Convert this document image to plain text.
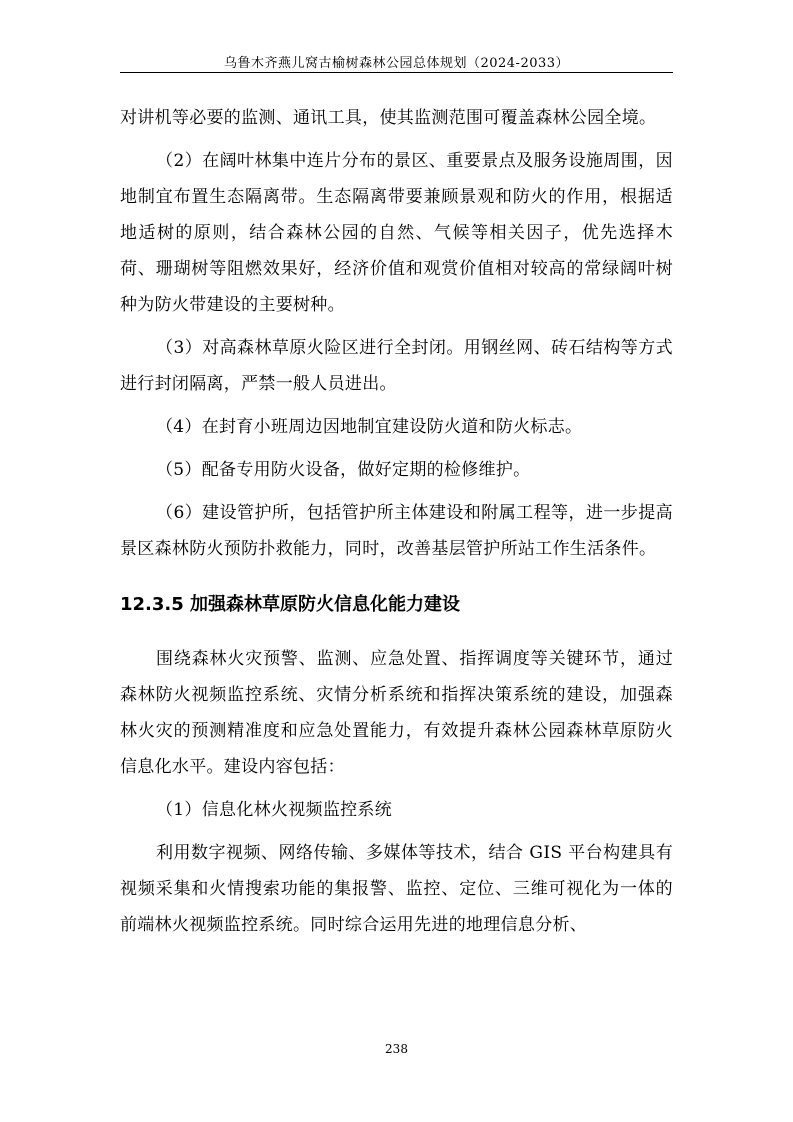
乌鲁木齐燕儿窝古榆树森林公园总体规划（2024-2033）

对讲机等必要的监测、通讯工具，使其监测范围可覆盖森林公园全境。

（2）在阔叶林集中连片分布的景区、重要景点及服务设施周围，因地制宜布置生态隔离带。生态隔离带要兼顾景观和防火的作用，根据适地适树的原则，结合森林公园的自然、气候等相关因子，优先选择木荷、珊瑚树等阻燃效果好，经济价值和观赏价值相对较高的常绿阔叶树种为防火带建设的主要树种。

（3）对高森林草原火险区进行全封闭。用钢丝网、砖石结构等方式进行封闭隔离，严禁一般人员进出。

（4）在封育小班周边因地制宜建设防火道和防火标志。

（5）配备专用防火设备，做好定期的检修维护。

（6）建设管护所，包括管护所主体建设和附属工程等，进一步提高景区森林防火预防扑救能力，同时，改善基层管护所站工作生活条件。

12.3.5 加强森林草原防火信息化能力建设

围绕森林火灾预警、监测、应急处置、指挥调度等关键环节，通过森林防火视频监控系统、灾情分析系统和指挥决策系统的建设，加强森林火灾的预测精准度和应急处置能力，有效提升森林公园森林草原防火信息化水平。建设内容包括：

（1）信息化林火视频监控系统

利用数字视频、网络传输、多媒体等技术，结合 GIS 平台构建具有视频采集和火情搜索功能的集报警、监控、定位、三维可视化为一体的前端林火视频监控系统。同时综合运用先进的地理信息分析、

238
